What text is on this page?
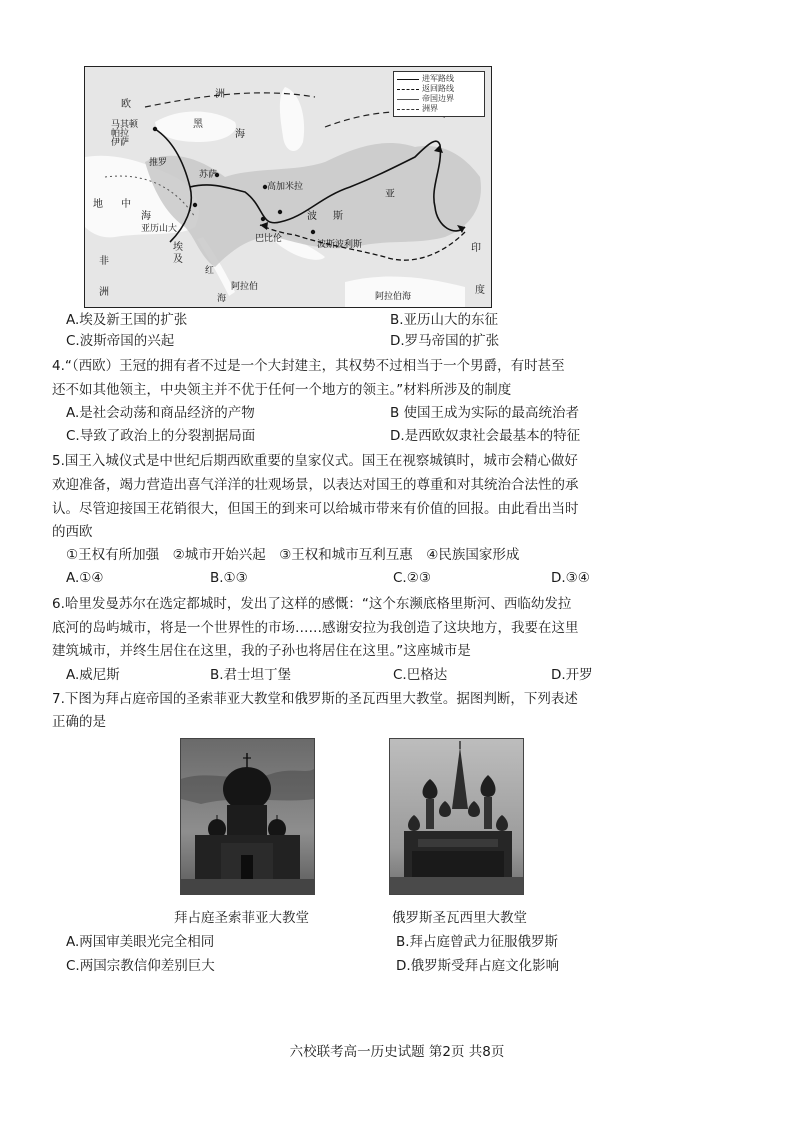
进军路线
返回路线
帝国边界
洲界
欧
洲
黑
海
马其顿
帕拉
伊萨
推罗
亚历山大
埃
及
巴比伦
苏萨
阿拉伯
波 斯
地 中
海
非
洲
亚
印
度
高加米拉
波斯波利斯
红
海	阿拉伯海
A.埃及新王国的扩张	B.亚历山大的东征
C.波斯帝国的兴起	D.罗马帝国的扩张
4.“（西欧）王冠的拥有者不过是一个大封建主，其权势不过相当于一个男爵，有时甚至
还不如其他领主，中央领主并不优于任何一个地方的领主。”材料所涉及的制度
A.是社会动荡和商品经济的产物	B 使国王成为实际的最高统治者
C.导致了政治上的分裂割据局面	D.是西欧奴隶社会最基本的特征
5.国王入城仪式是中世纪后期西欧重要的皇家仪式。国王在视察城镇时，城市会精心做好
欢迎准备，竭力营造出喜气洋洋的壮观场景，以表达对国王的尊重和对其统治合法性的承
认。尽管迎接国王花销很大，但国王的到来可以给城市带来有价值的回报。由此看出当时
的西欧
①王权有所加强　②城市开始兴起　③王权和城市互利互惠　④民族国家形成
A.①④	B.①③	C.②③	D.③④
6.哈里发曼苏尔在选定都城时，发出了这样的感慨：“这个东濒底格里斯河、西临幼发拉
底河的岛屿城市，将是一个世界性的市场……感谢安拉为我创造了这块地方，我要在这里
建筑城市，并终生居住在这里，我的子孙也将居住在这里。”这座城市是
A.威尼斯	B.君士坦丁堡	C.巴格达	D.开罗
7.下图为拜占庭帝国的圣索菲亚大教堂和俄罗斯的圣瓦西里大教堂。据图判断，下列表述
正确的是
拜占庭圣索菲亚大教堂	俄罗斯圣瓦西里大教堂
A.两国审美眼光完全相同	B.拜占庭曾武力征服俄罗斯
C.两国宗教信仰差别巨大	D.俄罗斯受拜占庭文化影响
六校联考高一历史试题 第2页 共8页
